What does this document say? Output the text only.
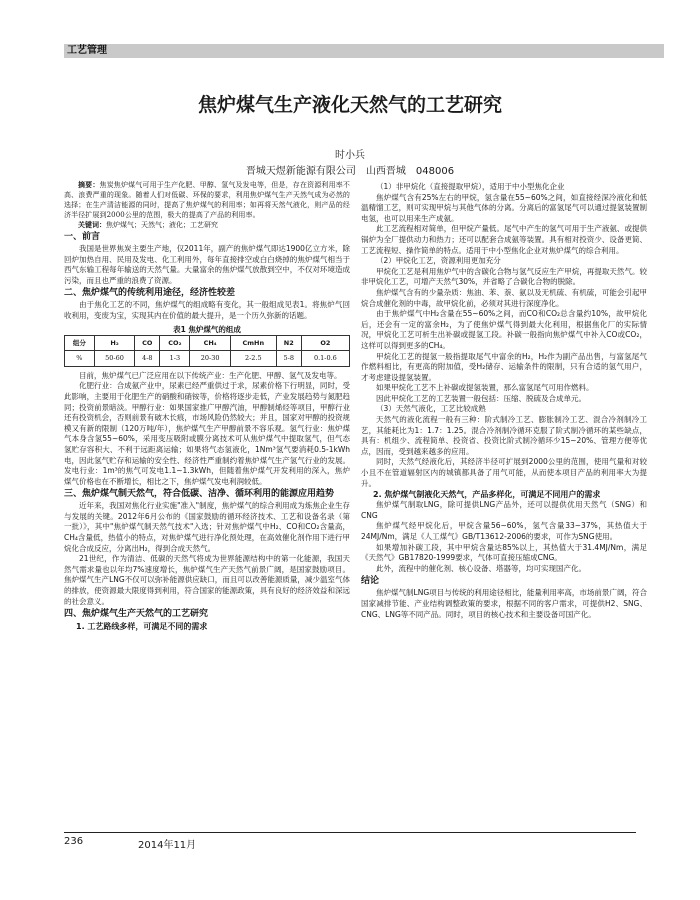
工艺管理
焦炉煤气生产液化天然气的工艺研究
时小兵
晋城天煜新能源有限公司　山西晋城　048006

摘要：焦炭焦炉煤气可用于生产化肥、甲醇、氢气及发电等，但是，存在资源利用率不高、浪费严重的现象。随着人们对低碳、环保的要求，利用焦炉煤气生产天然气成为必然的选择；在生产清洁能源的同时，提高了焦炉煤气的利用率；如再将天然气液化，则产品的经济半径扩展到2000公里的范围，极大的提高了产品的利用率。

关键词：焦炉煤气；天然气；液化；工艺研究

一、前言

我国是世界焦炭主要生产地，仅2011年，副产的焦炉煤气即达1900亿立方米，除回炉加热自用、民用及发电、化工利用外，每年直接排空或白白烧掉的焦炉煤气相当于西气东输工程每年输送的天然气量。大量富余的焦炉煤气放散到空中，不仅对环境造成污染，而且也严重的浪费了资源。

二、焦炉煤气的传统利用途径，经济性较差

由于焦化工艺的不同，焦炉煤气的组成略有变化，其一般组成见表1。将焦炉气回收利用，变废为宝，实现其内在价值的最大提升，是一个历久弥新的话题。

表1 焦炉煤气的组成
组分	H₂	CO	CO₂	CH₄	CmHn	N2	O2
%	50-60	4-8	1-3	20-30	2-2.5	5-8	0.1-0.6

目前，焦炉煤气已广泛应用在以下传统产业：生产化肥、甲醇、氢气及发电等。

化肥行业：合成氨产业中，尿素已经严重供过于求，尿素价格下行明显，同时，受此影响，主要用于化肥生产的硝酸和硝铵等，价格将逐步走低，产业发展趋势与氮肥趋同；投资前景暗淡。甲醇行业：如果国家推广甲醇汽油，甲醇制烯烃等项目，甲醇行业还有投资机会，否则前景有破木长痕，市场风险仍然较大；并且，国家对甲醇的投资规模又有新的限制（120万吨/年），焦炉煤气生产甲醇前景不容乐观。氢气行业：焦炉煤气本身含氢55~60%，采用变压吸附或膜分离技术可从焦炉煤气中提取氢气，但气态氢贮存容积大、不利于远距离运输；如果将气态氢液化，1Nm³氢气要消耗0.5-1kWh电，因此氢气贮存和运输的安全性、经济性严重制约着焦炉煤气生产氢气行业的发展。发电行业：1m³的焦气可发电1.1~1.3kWh，但随着焦炉煤气开发利用的深入，焦炉煤气价格也在不断增长，相比之下，焦炉煤气发电利润较低。

三、焦炉煤气制天然气，符合低碳、洁净、循环利用的能源应用趋势

近年来，我国对焦化行业实施"准入"制度，焦炉煤气的综合利用成为炼焦企业生存与发展的关键。2012年6月公布的《国家鼓励的循环经济技术、工艺和设备名录（第一批）》，其中"焦炉煤气制天然气技术"入选；针对焦炉煤气中H₂、CO和CO₂含量高，CH₄含量低，热值小的特点，对焦炉煤气进行净化预处理，在高效催化剂作用下进行甲烷化合成反应，分离出H₂，得到合成天然气。

21世纪，作为清洁、低碳的天然气将成为世界能源结构中的第一化能源，我国天然气需求量也以年均7%速度增长，焦炉煤气生产天然气前景广阔，是国家鼓励项目。焦炉煤气生产LNG不仅可以弥补能源供应缺口，而且可以改善能源质量，减少温室气体的排放，使资源最大限度得到利用，符合国家的能源政策，具有良好的经济效益和深远的社会意义。

四、焦炉煤气生产天然气的工艺研究
1. 工艺路线多样，可满足不同的需求

（1）非甲烷化（直接提取甲烷），适用于中小型焦化企业

焦炉煤气含有25%左右的甲烷，氢含量在55~60%之间，如直接经深冷液化和低温精馏工艺，则可实现甲烷与其他气体的分离。分离后的富氢尾气可以通过提氢装置制电氢，也可以用来生产成氨。

此工艺流程相对简单，但甲烷产量低。尾气中产生的氢气可用于生产液氨、或提供锅炉为全厂提供动力和热力；还可以配套合成氨等装置。具有相对投资少、设备更简、工艺流程短、操作简单的特点。适用于中小型焦化企业对焦炉煤气的综合利用。

（2）甲烷化工艺，资源利用更加充分

甲烷化工艺是利用焦炉气中的含碳化合物与氢气反应生产甲烷，再提取天然气。较非甲烷化工艺，可增产天然气30%，并省略了合碳化合物的脱除。

焦炉煤气含有的少量杂质：焦油、苯、萘、氨以及无机硫、有机硫，可能会引起甲烷合成催化剂的中毒，故甲烷化前，必须对其进行深度净化。

由于焦炉煤气中H₂含量在55~60%之间，而CO和CO₂总含量约10%，故甲烷化后，还会有一定的富余H₂，为了使焦炉煤气得到最大化利用，根据焦化厂的实际情况，甲烷化工艺可析生出补碳或提氢工段。补碳一般指向焦炉煤气中补入CO或CO₂，这样可以得到更多的CH₄。

甲烷化工艺的提氢一般指提取尾气中富余的H₂，H₂作为副产品出售，与富氢尾气作燃料相比，有更高的附加值，受H₂储存、运输条件的限制，只有合适的氢气用户，才考虑建设提氢装置。

如果甲烷化工艺不上补碳或提氢装置，那么富氢尾气可用作燃料。

因此甲烷化工艺的工艺装置一般包括：压缩、脱硫及合成单元。

（3）天然气液化，工艺比较成熟

天然气的液化流程一般有三种：阶式制冷工艺、膨胀制冷工艺、混合冷剂制冷工艺，其能耗比为1：1.7：1.25。混合冷剂制冷循环克服了阶式制冷循环的某些缺点，具有：机组少、流程简单、投资省、投资比阶式制冷循环少15~20%、管理方便等优点，因而，受到越来越多的应用。

同时，天然气经液化后，其经济半径可扩展到2000公里的范围，使用气量和对较小且不在管道辐射区内的城镇都具备了用气可能，从而使本项目产品的利用率大为提升。

2. 焦炉煤气制液化天然气，产品多样化，可满足不同用户的需求

焦炉煤气制取LNG，除可提供LNG产品外，还可以提供优用天然气（SNG）和CNG

焦炉煤气经甲烷化后，甲烷含量56~60%，氢气含量33~37%，其热值大于24MJ/Nm，满足《人工煤气》GB/T13612-2006的要求，可作为SNG使用。

如果增加补碳工段，其中甲烷含量达85%以上，其热值大于31.4MJ/Nm，满足《天然气》GB17820-1999要求，气体可直接压缩成CNG。

此外，流程中的催化剂、核心设备、塔器等，均可实现国产化。

结论

焦炉煤气制LNG项目与传统的利用途径相比，能量利用率高，市场前景广阔，符合国家减排节能、产业结构调整政策的要求，根据不同的客户需求，可提供H2、SNG、CNG、LNG等不同产品。同时，项目的核心技术和主要设备可国产化。

236	2014年11月
